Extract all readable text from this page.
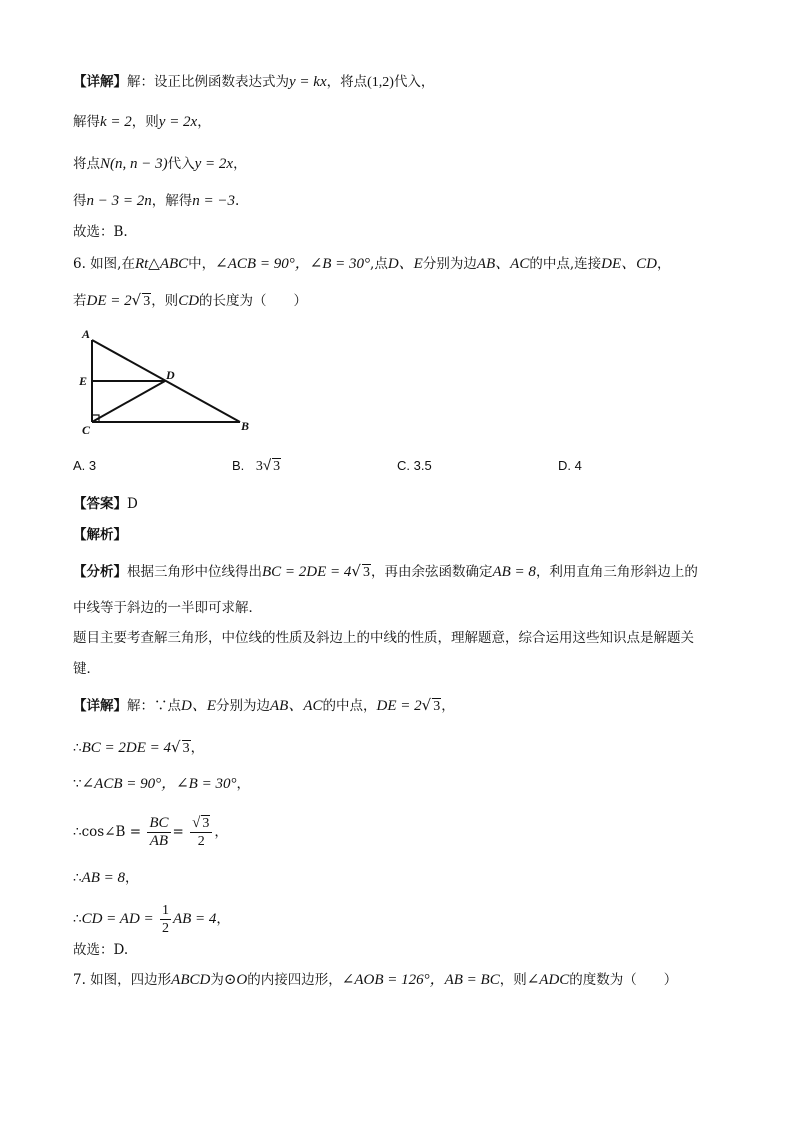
【详解】解：设正比例函数表达式为y = kx，将点(1,2)代入，
解得k = 2，则y = 2x，
将点N(n, n − 3)代入y = 2x，
得n − 3 = 2n，解得n = −3.
故选：B.
6. 如图,在Rt△ABC中，∠ACB = 90°，∠B = 30°,点D、E分别为边AB、AC的中点,连接DE、CD，
若DE = 2√ 3，则CD的长度为（　　）
A
E	D
C	B
A. 3	B. 3√ 3	C. 3.5	D. 4
【答案】D
【解析】
【分析】根据三角形中位线得出BC = 2DE = 4√ 3，再由余弦函数确定AB = 8，利用直角三角形斜边上的
中线等于斜边的一半即可求解．
题目主要考查解三角形，中位线的性质及斜边上的中线的性质，理解题意，综合运用这些知识点是解题关
键．
【详解】解：∵点D、E分别为边AB、AC的中点，DE = 2√ 3，
∴BC = 2DE = 4√ 3，
∵∠ACB = 90°，∠B = 30°，
∴cos∠B = $\frac{BC}{AB} = \frac{√ 3}{2}$ ，
∴AB = 8，
∴CD = AD = $\frac{1}{2}$ AB = 4，
故选：D.
7. 如图，四边形ABCD为⊙O的内接四边形，∠AOB = 126°，AB = BC，则∠ADC的度数为（　　）
